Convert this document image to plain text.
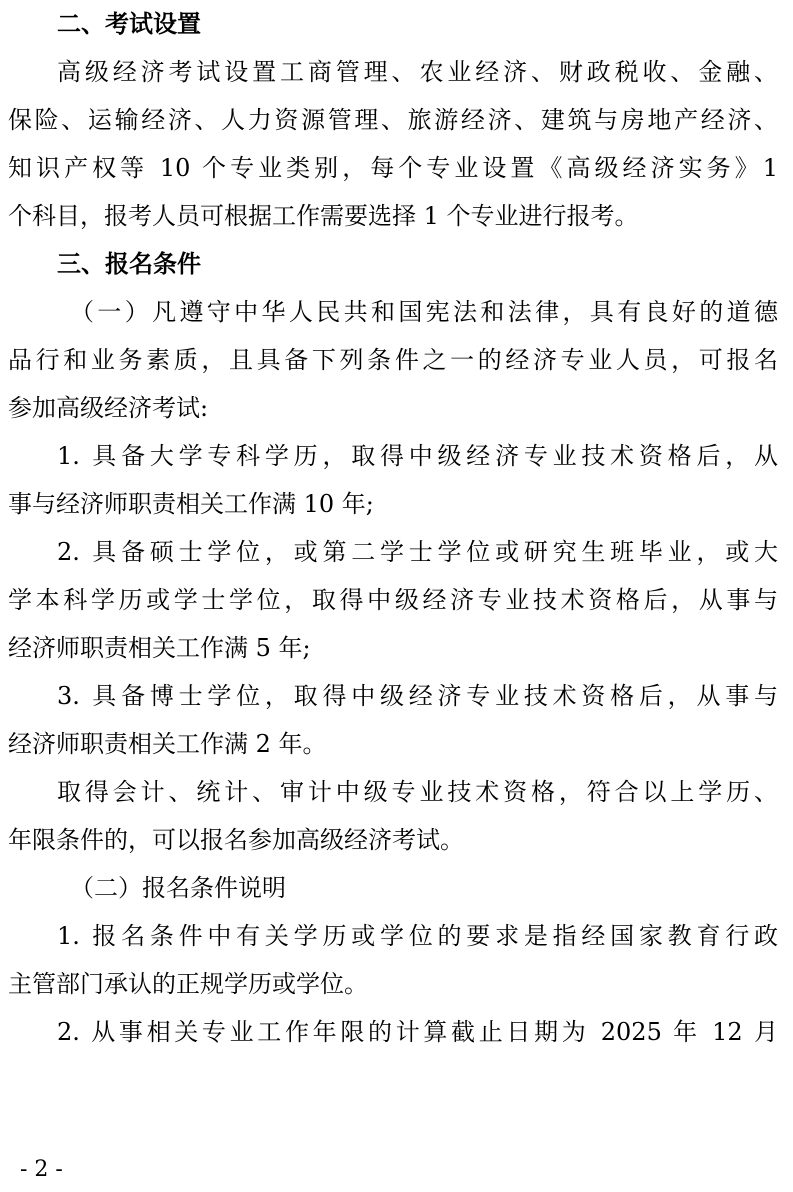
二、考试设置
高级经济考试设置工商管理、农业经济、财政税收、金融、
保险、运输经济、人力资源管理、旅游经济、建筑与房地产经济、
知识产权等 10 个专业类别，每个专业设置《高级经济实务》1
个科目，报考人员可根据工作需要选择 1 个专业进行报考。
三、报名条件
（一）凡遵守中华人民共和国宪法和法律，具有良好的道德
品行和业务素质，且具备下列条件之一的经济专业人员，可报名
参加高级经济考试:
1. 具备大学专科学历，取得中级经济专业技术资格后，从
事与经济师职责相关工作满 10 年;
2. 具备硕士学位，或第二学士学位或研究生班毕业，或大
学本科学历或学士学位，取得中级经济专业技术资格后，从事与
经济师职责相关工作满 5 年;
3. 具备博士学位，取得中级经济专业技术资格后，从事与
经济师职责相关工作满 2 年。
取得会计、统计、审计中级专业技术资格，符合以上学历、
年限条件的，可以报名参加高级经济考试。
（二）报名条件说明
1. 报名条件中有关学历或学位的要求是指经国家教育行政
主管部门承认的正规学历或学位。
2. 从事相关专业工作年限的计算截止日期为 2025 年 12 月
- 2 -
